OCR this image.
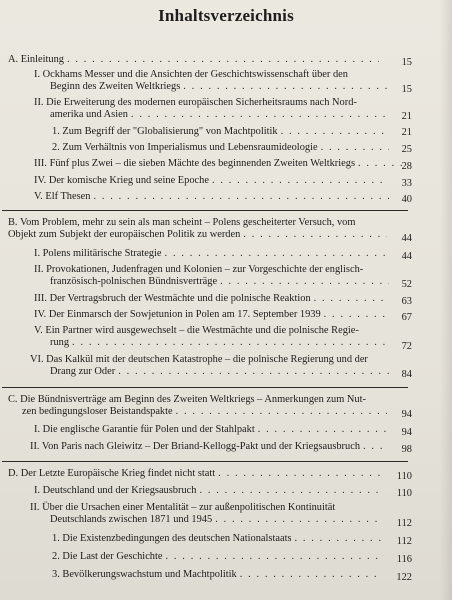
Inhaltsverzeichnis
A. Einleitung . . .	15
I. Ockhams Messer und die Ansichten der Geschichtswissenschaft über den
Beginn des Zweiten Weltkriegs . . .	15
II. Die Erweiterung des modernen europäischen Sicherheitsraums nach Nord-
amerika und Asien . . .	21
1. Zum Begriff der "Globalisierung" von Machtpolitik . . .	21
2. Zum Verhältnis von Imperialismus und Lebensraumideologie . . .	25
III. Fünf plus Zwei – die sieben Mächte des beginnenden Zweiten Weltkriegs . . .	28
IV. Der komische Krieg und seine Epoche . . .	33
V. Elf Thesen . . .	40
B. Vom Problem, mehr zu sein als man scheint – Polens gescheiterter Versuch, vom
Objekt zum Subjekt der europäischen Politik zu werden . . .	44
I. Polens militärische Strategie . . .	44
II. Provokationen, Judenfragen und Kolonien – zur Vorgeschichte der englisch-
französisch-polnischen Bündnisverträge . . .	52
III. Der Vertragsbruch der Westmächte und die polnische Reaktion . . .	63
IV. Der Einmarsch der Sowjetunion in Polen am 17. September 1939 . . .	67
V. Ein Partner wird ausgewechselt – die Westmächte und die polnische Regie-
rung . . .	72
VI. Das Kalkül mit der deutschen Katastrophe – die polnische Regierung und der
Drang zur Oder . . .	84
C. Die Bündnisverträge am Beginn des Zweiten Weltkriegs – Anmerkungen zum Nut-
zen bedingungsloser Beistandspakte . . .	94
I. Die englische Garantie für Polen und der Stahlpakt . . .	94
II. Von Paris nach Gleiwitz – Der Briand-Kellogg-Pakt und der Kriegsausbruch . . .	98
D. Der Letzte Europäische Krieg findet nicht statt . . .	110
I. Deutschland und der Kriegsausbruch . . .	110
II. Über die Ursachen einer Mentalität – zur außenpolitischen Kontinuität
Deutschlands zwischen 1871 und 1945 . . .	112
1. Die Existenzbedingungen des deutschen Nationalstaats . . .	112
2. Die Last der Geschichte . . .	116
3. Bevölkerungswachstum und Machtpolitik . . .	122
